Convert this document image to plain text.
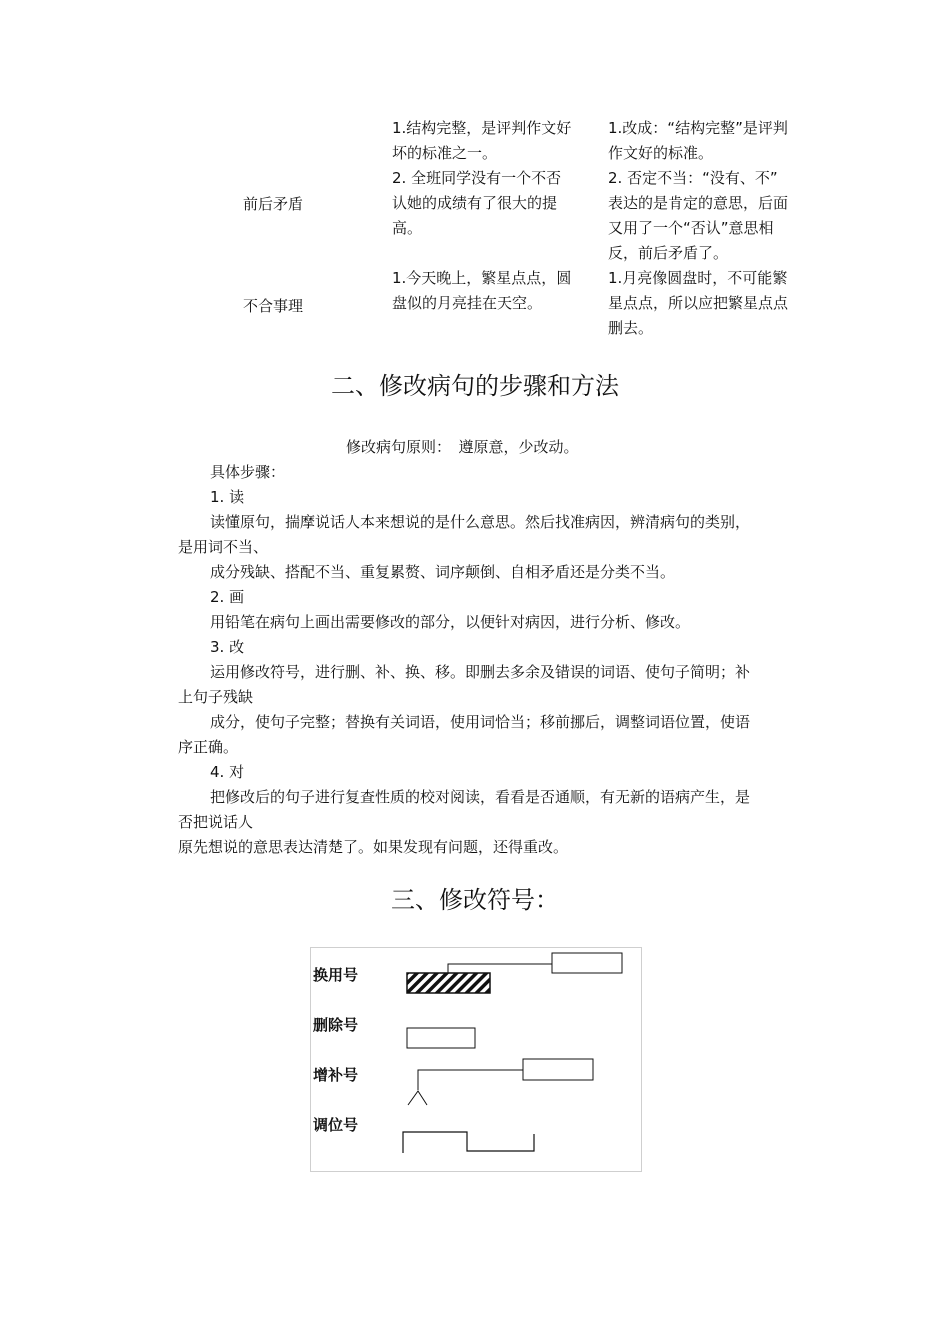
前后矛盾
1.结构完整，是评判作文好
坏的标准之一。
2. 全班同学没有一个不否
认她的成绩有了很大的提
高。
1.改成：“结构完整”是评判
作文好的标准。
2. 否定不当：“没有、不”
表达的是肯定的意思，后面
又用了一个“否认”意思相
反，前后矛盾了。
不合事理
1.今天晚上，繁星点点，圆
盘似的月亮挂在天空。
1.月亮像圆盘时，不可能繁
星点点，所以应把繁星点点
删去。
二、修改病句的步骤和方法
修改病句原则：　遵原意，少改动。
具体步骤：
1. 读
读懂原句，揣摩说话人本来想说的是什么意思。然后找准病因，辨清病句的类别，
是用词不当、
成分残缺、搭配不当、重复累赘、词序颠倒、自相矛盾还是分类不当。
2. 画
用铅笔在病句上画出需要修改的部分，以便针对病因，进行分析、修改。
3. 改
运用修改符号，进行删、补、换、移。即删去多余及错误的词语、使句子简明；补
上句子残缺
成分，使句子完整；替换有关词语，使用词恰当；移前挪后，调整词语位置，使语
序正确。
4. 对
把修改后的句子进行复查性质的校对阅读，看看是否通顺，有无新的语病产生，是
否把说话人
原先想说的意思表达清楚了。如果发现有问题，还得重改。
三、修改符号：
换用号
删除号
增补号
调位号
